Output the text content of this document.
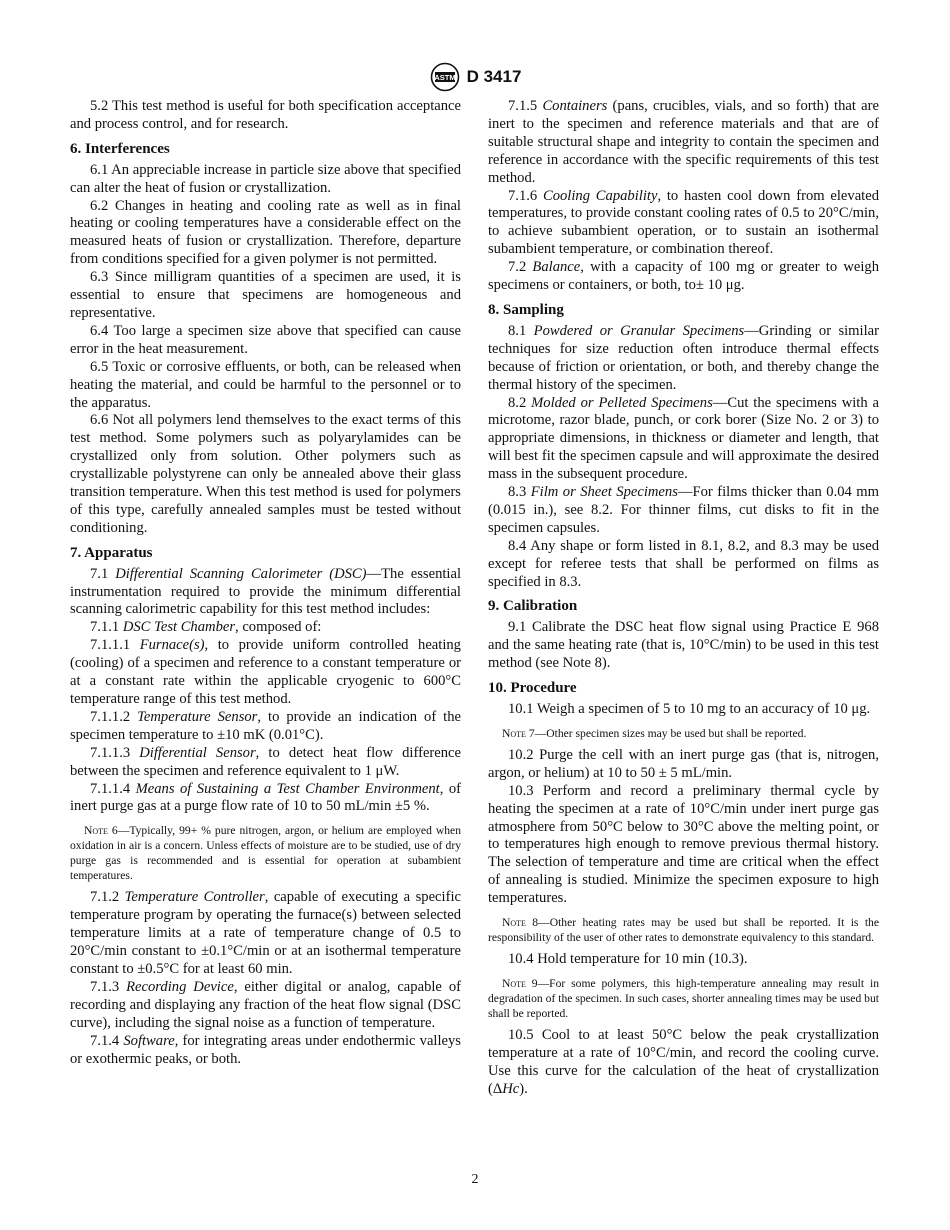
ASTM D 3417

5.2 This test method is useful for both specification acceptance and process control, and for research.

6. Interferences

6.1 An appreciable increase in particle size above that specified can alter the heat of fusion or crystallization.

6.2 Changes in heating and cooling rate as well as in final heating or cooling temperatures have a considerable effect on the measured heats of fusion or crystallization. Therefore, departure from conditions specified for a given polymer is not permitted.

6.3 Since milligram quantities of a specimen are used, it is essential to ensure that specimens are homogeneous and representative.

6.4 Too large a specimen size above that specified can cause error in the heat measurement.

6.5 Toxic or corrosive effluents, or both, can be released when heating the material, and could be harmful to the personnel or to the apparatus.

6.6 Not all polymers lend themselves to the exact terms of this test method. Some polymers such as polyarylamides can be crystallized only from solution. Other polymers such as crystallizable polystyrene can only be annealed above their glass transition temperature. When this test method is used for polymers of this type, carefully annealed samples must be tested without conditioning.

7. Apparatus

7.1 Differential Scanning Calorimeter (DSC)—The essential instrumentation required to provide the minimum differential scanning calorimetric capability for this test method includes:

7.1.1 DSC Test Chamber, composed of:

7.1.1.1 Furnace(s), to provide uniform controlled heating (cooling) of a specimen and reference to a constant temperature or at a constant rate within the applicable cryogenic to 600°C temperature range of this test method.

7.1.1.2 Temperature Sensor, to provide an indication of the specimen temperature to ±10 mK (0.01°C).

7.1.1.3 Differential Sensor, to detect heat flow difference between the specimen and reference equivalent to 1 μW.

7.1.1.4 Means of Sustaining a Test Chamber Environment, of inert purge gas at a purge flow rate of 10 to 50 mL/min ±5 %.

Note 6—Typically, 99+ % pure nitrogen, argon, or helium are employed when oxidation in air is a concern. Unless effects of moisture are to be studied, use of dry purge gas is recommended and is essential for operation at subambient temperatures.

7.1.2 Temperature Controller, capable of executing a specific temperature program by operating the furnace(s) between selected temperature limits at a rate of temperature change of 0.5 to 20°C/min constant to ±0.1°C/min or at an isothermal temperature constant to ±0.5°C for at least 60 min.

7.1.3 Recording Device, either digital or analog, capable of recording and displaying any fraction of the heat flow signal (DSC curve), including the signal noise as a function of temperature.

7.1.4 Software, for integrating areas under endothermic valleys or exothermic peaks, or both.

7.1.5 Containers (pans, crucibles, vials, and so forth) that are inert to the specimen and reference materials and that are of suitable structural shape and integrity to contain the specimen and reference in accordance with the specific requirements of this test method.

7.1.6 Cooling Capability, to hasten cool down from elevated temperatures, to provide constant cooling rates of 0.5 to 20°C/min, to achieve subambient operation, or to sustain an isothermal subambient temperature, or combination thereof.

7.2 Balance, with a capacity of 100 mg or greater to weigh specimens or containers, or both, to± 10 μg.

8. Sampling

8.1 Powdered or Granular Specimens—Grinding or similar techniques for size reduction often introduce thermal effects because of friction or orientation, or both, and thereby change the thermal history of the specimen.

8.2 Molded or Pelleted Specimens—Cut the specimens with a microtome, razor blade, punch, or cork borer (Size No. 2 or 3) to appropriate dimensions, in thickness or diameter and length, that will best fit the specimen capsule and will approximate the desired mass in the subsequent procedure.

8.3 Film or Sheet Specimens—For films thicker than 0.04 mm (0.015 in.), see 8.2. For thinner films, cut disks to fit in the specimen capsules.

8.4 Any shape or form listed in 8.1, 8.2, and 8.3 may be used except for referee tests that shall be performed on films as specified in 8.3.

9. Calibration

9.1 Calibrate the DSC heat flow signal using Practice E 968 and the same heating rate (that is, 10°C/min) to be used in this test method (see Note 8).

10. Procedure

10.1 Weigh a specimen of 5 to 10 mg to an accuracy of 10 μg.

Note 7—Other specimen sizes may be used but shall be reported.

10.2 Purge the cell with an inert purge gas (that is, nitrogen, argon, or helium) at 10 to 50 ± 5 mL/min.

10.3 Perform and record a preliminary thermal cycle by heating the specimen at a rate of 10°C/min under inert purge gas atmosphere from 50°C below to 30°C above the melting point, or to temperatures high enough to remove previous thermal history. The selection of temperature and time are critical when the effect of annealing is studied. Minimize the specimen exposure to high temperatures.

Note 8—Other heating rates may be used but shall be reported. It is the responsibility of the user of other rates to demonstrate equivalency to this standard.

10.4 Hold temperature for 10 min (10.3).

Note 9—For some polymers, this high-temperature annealing may result in degradation of the specimen. In such cases, shorter annealing times may be used but shall be reported.

10.5 Cool to at least 50°C below the peak crystallization temperature at a rate of 10°C/min, and record the cooling curve. Use this curve for the calculation of the heat of crystallization (ΔHc).

2
